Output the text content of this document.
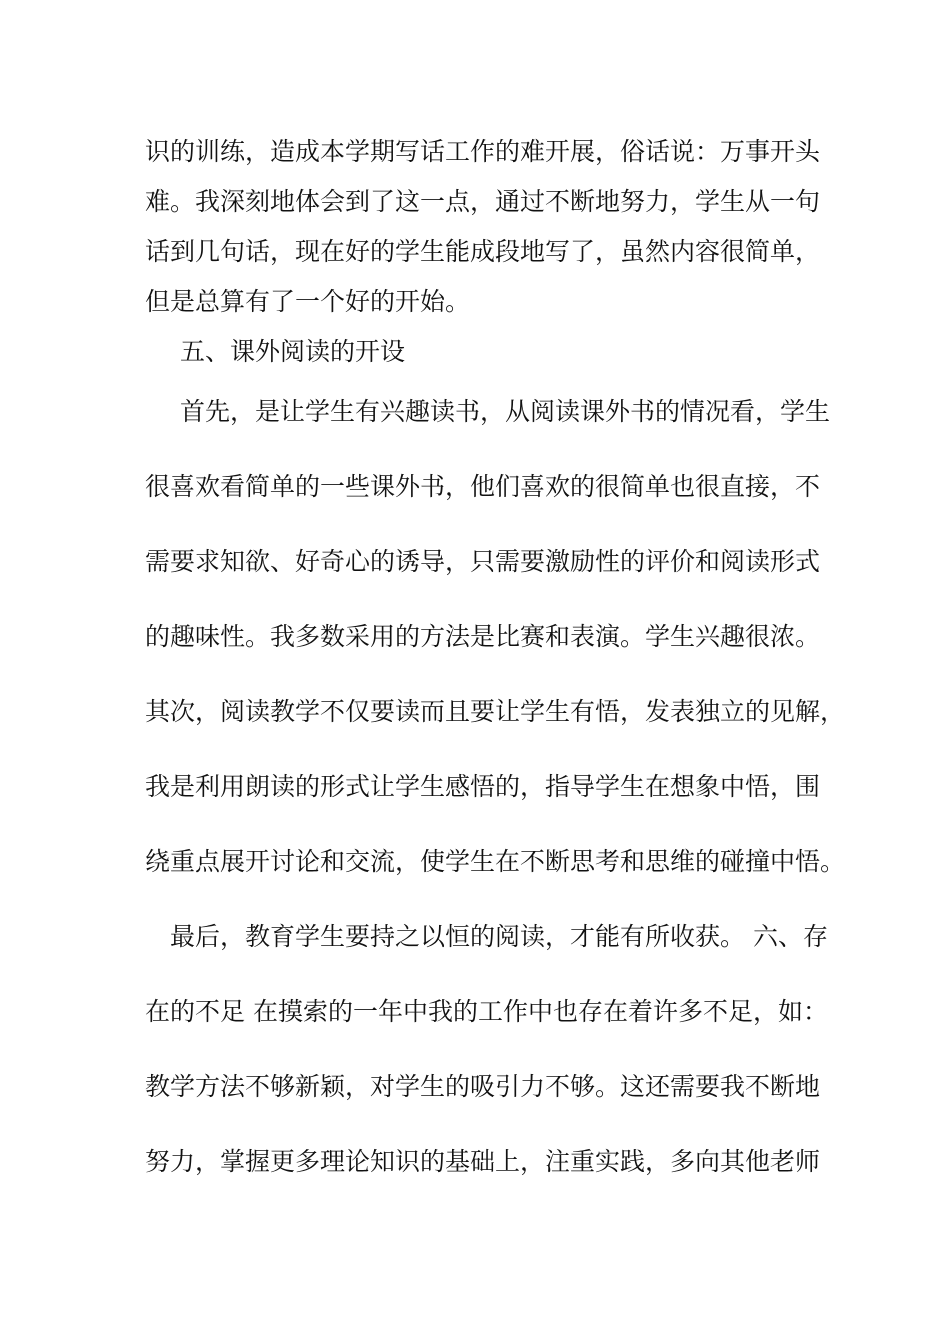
识的训练，造成本学期写话工作的难开展，俗话说：万事开头
难。我深刻地体会到了这一点，通过不断地努力，学生从一句
话到几句话，现在好的学生能成段地写了，虽然内容很简单，
但是总算有了一个好的开始。
五、课外阅读的开设
首先，是让学生有兴趣读书，从阅读课外书的情况看，学生
很喜欢看简单的一些课外书，他们喜欢的很简单也很直接，不
需要求知欲、好奇心的诱导，只需要激励性的评价和阅读形式
的趣味性。我多数采用的方法是比赛和表演。学生兴趣很浓。
其次，阅读教学不仅要读而且要让学生有悟，发表独立的见解，
我是利用朗读的形式让学生感悟的，指导学生在想象中悟，围
绕重点展开讨论和交流，使学生在不断思考和思维的碰撞中悟。
最后，教育学生要持之以恒的阅读，才能有所收获。 六、存
在的不足 在摸索的一年中我的工作中也存在着许多不足，如：
教学方法不够新颖，对学生的吸引力不够。这还需要我不断地
努力，掌握更多理论知识的基础上，注重实践，多向其他老师
